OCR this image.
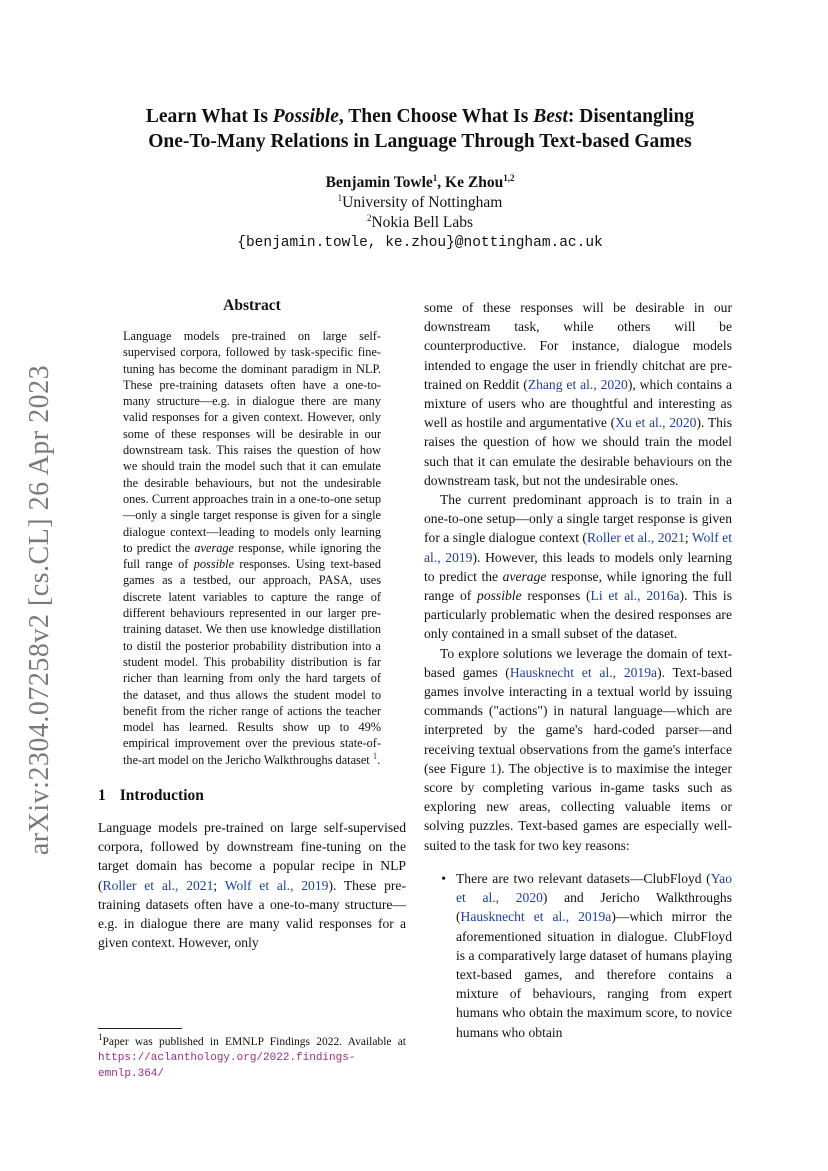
arXiv:2304.07258v2 [cs.CL] 26 Apr 2023
Learn What Is Possible, Then Choose What Is Best: Disentangling
One-To-Many Relations in Language Through Text-based Games
Benjamin Towle$^1$, Ke Zhou$^{1,2}$
$^1$University of Nottingham
$^2$Nokia Bell Labs
{benjamin.towle, ke.zhou}@nottingham.ac.uk
Abstract
Language models pre-trained on large self-supervised corpora, followed by task-specific fine-tuning has become the dominant paradigm in NLP. These pre-training datasets often have a one-to-many structure—e.g. in dialogue there are many valid responses for a given context. However, only some of these responses will be desirable in our downstream task. This raises the question of how we should train the model such that it can emulate the desirable behaviours, but not the undesirable ones. Current approaches train in a one-to-one setup—only a single target response is given for a single dialogue context—leading to models only learning to predict the average response, while ignoring the full range of possible responses. Using text-based games as a testbed, our approach, PASA, uses discrete latent variables to capture the range of different behaviours represented in our larger pre-training dataset. We then use knowledge distillation to distil the posterior probability distribution into a student model. This probability distribution is far richer than learning from only the hard targets of the dataset, and thus allows the student model to benefit from the richer range of actions the teacher model has learned. Results show up to 49% empirical improvement over the previous state-of-the-art model on the Jericho Walkthroughs dataset $^1$.
1 Introduction

Language models pre-trained on large self-supervised corpora, followed by downstream fine-tuning on the target domain has become a popular recipe in NLP (Roller et al., 2021; Wolf et al., 2019). These pre-training datasets often have a one-to-many structure—e.g. in dialogue there are many valid responses for a given context. However, only

$^1$Paper was published in EMNLP Findings 2022. Available at https://aclanthology.org/2022.findings-emnlp.364/

some of these responses will be desirable in our downstream task, while others will be counterproductive. For instance, dialogue models intended to engage the user in friendly chitchat are pre-trained on Reddit (Zhang et al., 2020), which contains a mixture of users who are thoughtful and interesting as well as hostile and argumentative (Xu et al., 2020). This raises the question of how we should train the model such that it can emulate the desirable behaviours on the downstream task, but not the undesirable ones.

The current predominant approach is to train in a one-to-one setup—only a single target response is given for a single dialogue context (Roller et al., 2021; Wolf et al., 2019). However, this leads to models only learning to predict the average response, while ignoring the full range of possible responses (Li et al., 2016a). This is particularly problematic when the desired responses are only contained in a small subset of the dataset.

To explore solutions we leverage the domain of text-based games (Hausknecht et al., 2019a). Text-based games involve interacting in a textual world by issuing commands ("actions") in natural language—which are interpreted by the game's hard-coded parser—and receiving textual observations from the game's interface (see Figure 1). The objective is to maximise the integer score by completing various in-game tasks such as exploring new areas, collecting valuable items or solving puzzles. Text-based games are especially well-suited to the task for two key reasons:

• There are two relevant datasets—ClubFloyd (Yao et al., 2020) and Jericho Walkthroughs (Hausknecht et al., 2019a)—which mirror the aforementioned situation in dialogue. ClubFloyd is a comparatively large dataset of humans playing text-based games, and therefore contains a mixture of behaviours, ranging from expert humans who obtain the maximum score, to novice humans who obtain
